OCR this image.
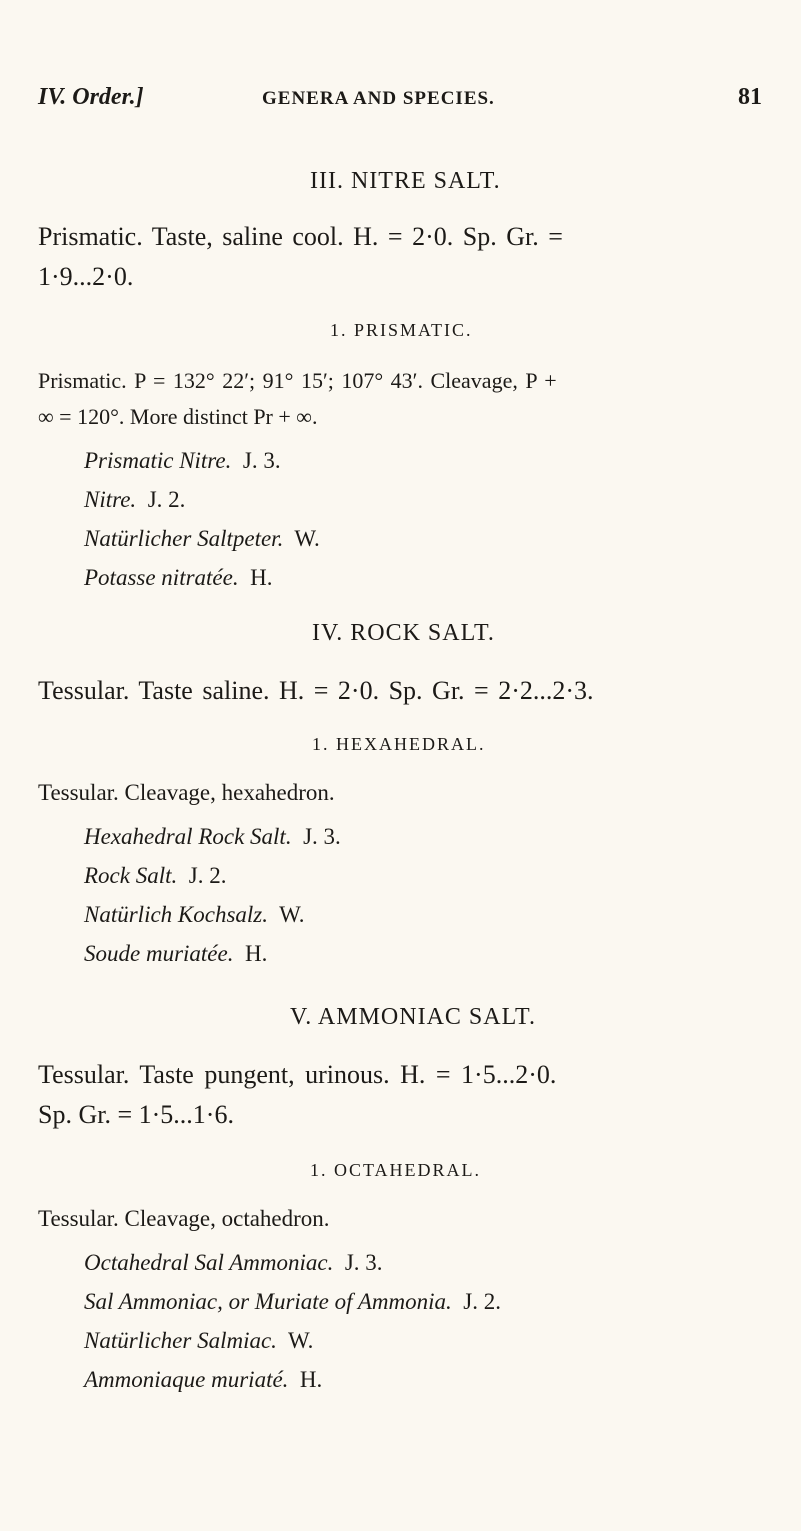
IV. Order.]	GENERA AND SPECIES.	81
III. NITRE SALT.
Prismatic. Taste, saline cool. H. = 2·0. Sp. Gr. =
1·9...2·0.
1. PRISMATIC.
Prismatic. P = 132° 22′; 91° 15′; 107° 43′. Cleavage, P +
∞ = 120°. More distinct Pr + ∞.
Prismatic Nitre. J. 3.
Nitre. J. 2.
Natürlicher Saltpeter. W.
Potasse nitratée. H.
IV. ROCK SALT.
Tessular. Taste saline. H. = 2·0. Sp. Gr. = 2·2...2·3.
1. HEXAHEDRAL.
Tessular. Cleavage, hexahedron.
Hexahedral Rock Salt. J. 3.
Rock Salt. J. 2.
Natürlich Kochsalz. W.
Soude muriatée. H.
V. AMMONIAC SALT.
Tessular. Taste pungent, urinous. H. = 1·5...2·0.
Sp. Gr. = 1·5...1·6.
1. OCTAHEDRAL.
Tessular. Cleavage, octahedron.
Octahedral Sal Ammoniac. J. 3.
Sal Ammoniac, or Muriate of Ammonia. J. 2.
Natürlicher Salmiac. W.
Ammoniaque muriaté. H.
